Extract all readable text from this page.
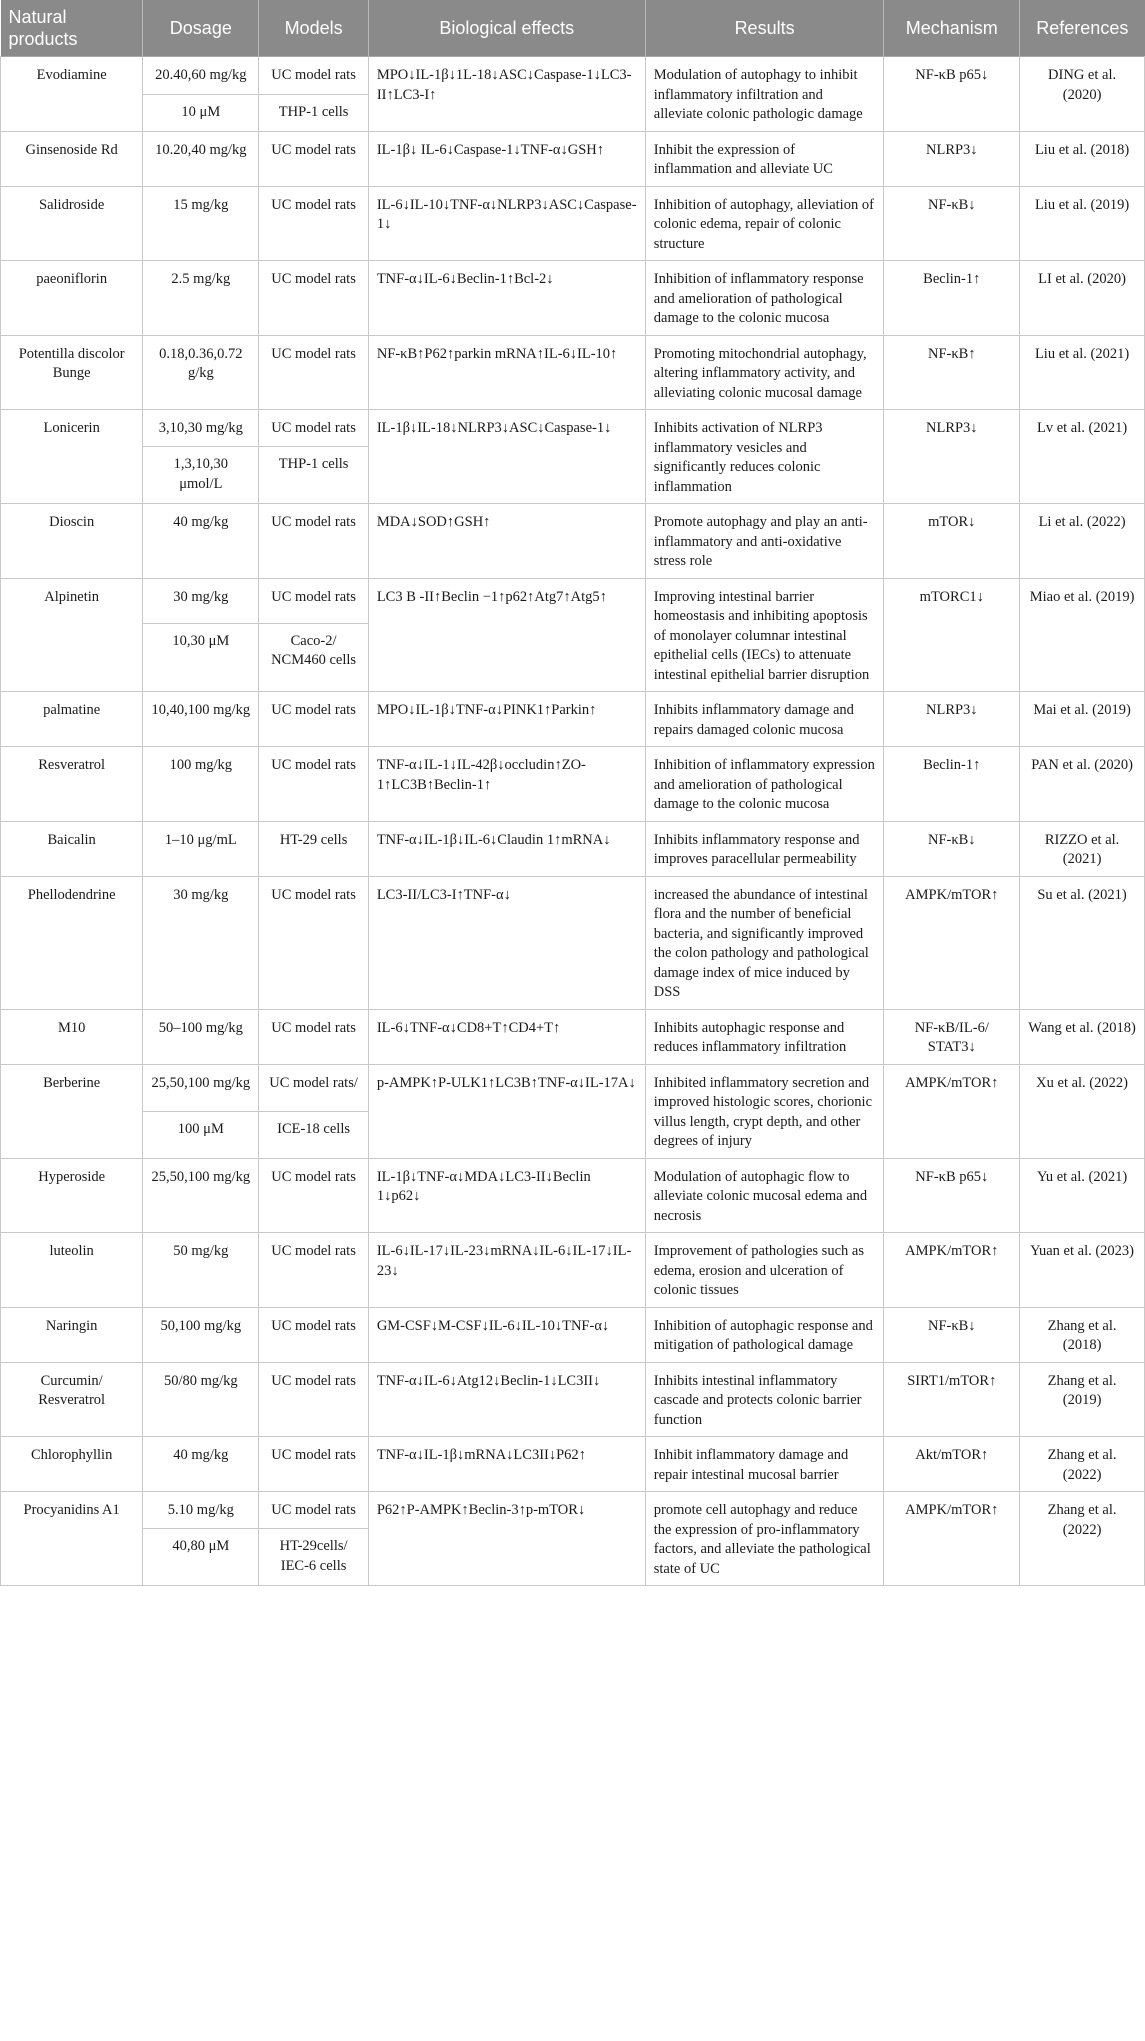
Natural products	Dosage	Models	Biological effects	Results	Mechanism	References
Evodiamine	20.40,60 mg/kg	UC model rats	MPO↓IL-1β↓1L-18↓ASC↓Caspase-1↓LC3-II↑LC3-I↑	Modulation of autophagy to inhibit inflammatory infiltration and alleviate colonic pathologic damage	NF-κB p65↓	DING et al. (2020)
	10 μM	THP-1 cells				
Ginsenoside Rd	10.20,40 mg/kg	UC model rats	IL-1β↓ IL-6↓Caspase-1↓TNF-α↓GSH↑	Inhibit the expression of inflammation and alleviate UC	NLRP3↓	Liu et al. (2018)
Salidroside	15 mg/kg	UC model rats	IL-6↓IL-10↓TNF-α↓NLRP3↓ASC↓Caspase-1↓	Inhibition of autophagy, alleviation of colonic edema, repair of colonic structure	NF-κB↓	Liu et al. (2019)
paeoniflorin	2.5 mg/kg	UC model rats	TNF-α↓IL-6↓Beclin-1↑Bcl-2↓	Inhibition of inflammatory response and amelioration of pathological damage to the colonic mucosa	Beclin-1↑	LI et al. (2020)
Potentilla discolor Bunge	0.18,0.36,0.72 g/kg	UC model rats	NF-κB↑P62↑parkin mRNA↑IL-6↓IL-10↑	Promoting mitochondrial autophagy, altering inflammatory activity, and alleviating colonic mucosal damage	NF-κB↑	Liu et al. (2021)
Lonicerin	3,10,30 mg/kg	UC model rats	IL-1β↓IL-18↓NLRP3↓ASC↓Caspase-1↓	Inhibits activation of NLRP3 inflammatory vesicles and significantly reduces colonic inflammation	NLRP3↓	Lv et al. (2021)
	1,3,10,30 μmol/L	THP-1 cells				
Dioscin	40 mg/kg	UC model rats	MDA↓SOD↑GSH↑	Promote autophagy and play an anti-inflammatory and anti-oxidative stress role	mTOR↓	Li et al. (2022)
Alpinetin	30 mg/kg	UC model rats	LC3 B -II↑Beclin −1↑p62↑Atg7↑Atg5↑	Improving intestinal barrier homeostasis and inhibiting apoptosis of monolayer columnar intestinal epithelial cells (IECs) to attenuate intestinal epithelial barrier disruption	mTORC1↓	Miao et al. (2019)
	10,30 μM	Caco-2/ NCM460 cells				
palmatine	10,40,100 mg/kg	UC model rats	MPO↓IL-1β↓TNF-α↓PINK1↑Parkin↑	Inhibits inflammatory damage and repairs damaged colonic mucosa	NLRP3↓	Mai et al. (2019)
Resveratrol	100 mg/kg	UC model rats	TNF-α↓IL-1↓IL-42β↓occludin↑ZO-1↑LC3B↑Beclin-1↑	Inhibition of inflammatory expression and amelioration of pathological damage to the colonic mucosa	Beclin-1↑	PAN et al. (2020)
Baicalin	1–10 μg/mL	HT-29 cells	TNF-α↓IL-1β↓IL-6↓Claudin 1↑mRNA↓	Inhibits inflammatory response and improves paracellular permeability	NF-κB↓	RIZZO et al. (2021)
Phellodendrine	30 mg/kg	UC model rats	LC3-II/LC3-I↑TNF-α↓	increased the abundance of intestinal flora and the number of beneficial bacteria, and significantly improved the colon pathology and pathological damage index of mice induced by DSS	AMPK/mTOR↑	Su et al. (2021)
M10	50–100 mg/kg	UC model rats	IL-6↓TNF-α↓CD8+T↑CD4+T↑	Inhibits autophagic response and reduces inflammatory infiltration	NF-κB/IL-6/ STAT3↓	Wang et al. (2018)
Berberine	25,50,100 mg/kg	UC model rats/	p-AMPK↑P-ULK1↑LC3B↑TNF-α↓IL-17A↓	Inhibited inflammatory secretion and improved histologic scores, chorionic villus length, crypt depth, and other degrees of injury	AMPK/mTOR↑	Xu et al. (2022)
	100 μM	ICE-18 cells				
Hyperoside	25,50,100 mg/kg	UC model rats	IL-1β↓TNF-α↓MDA↓LC3-II↓Beclin 1↓p62↓	Modulation of autophagic flow to alleviate colonic mucosal edema and necrosis	NF-κB p65↓	Yu et al. (2021)
luteolin	50 mg/kg	UC model rats	IL-6↓IL-17↓IL-23↓mRNA↓IL-6↓IL-17↓IL-23↓	Improvement of pathologies such as edema, erosion and ulceration of colonic tissues	AMPK/mTOR↑	Yuan et al. (2023)
Naringin	50,100 mg/kg	UC model rats	GM-CSF↓M-CSF↓IL-6↓IL-10↓TNF-α↓	Inhibition of autophagic response and mitigation of pathological damage	NF-κB↓	Zhang et al. (2018)
Curcumin/ Resveratrol	50/80 mg/kg	UC model rats	TNF-α↓IL-6↓Atg12↓Beclin-1↓LC3II↓	Inhibits intestinal inflammatory cascade and protects colonic barrier function	SIRT1/mTOR↑	Zhang et al. (2019)
Chlorophyllin	40 mg/kg	UC model rats	TNF-α↓IL-1β↓mRNA↓LC3II↓P62↑	Inhibit inflammatory damage and repair intestinal mucosal barrier	Akt/mTOR↑	Zhang et al. (2022)
Procyanidins A1	5.10 mg/kg	UC model rats	P62↑P-AMPK↑Beclin-3↑p-mTOR↓	promote cell autophagy and reduce the expression of pro-inflammatory factors, and alleviate the pathological state of UC	AMPK/mTOR↑	Zhang et al. (2022)
	40,80 μM	HT-29cells/ IEC-6 cells				
